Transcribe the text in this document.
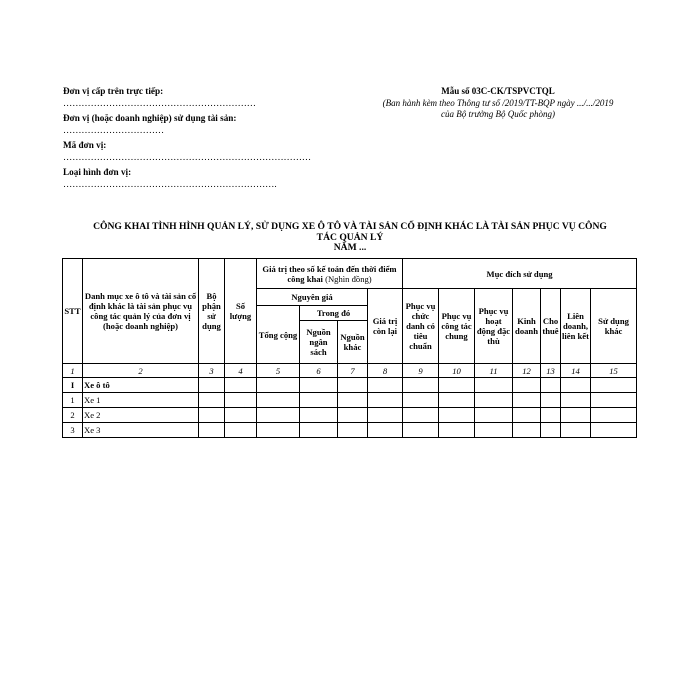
Đơn vị cấp trên trực tiếp:
………………………………………………………
Đơn vị (hoặc doanh nghiệp) sử dụng tài sản:
……………………………
Mã đơn vị:
………………………………………………………………………
Loại hình đơn vị:
…………………………………………………………….
Mẫu số 03C-CK/TSPVCTQL
(Ban hành kèm theo Thông tư số /2019/TT-BQP ngày .../.../2019
của Bộ trưởng Bộ Quốc phòng)
CÔNG KHAI TÌNH HÌNH QUẢN LÝ, SỬ DỤNG XE Ô TÔ VÀ TÀI SẢN CỐ ĐỊNH KHÁC LÀ TÀI SẢN PHỤC VỤ CÔNG
TÁC QUẢN LÝ
NĂM ...
STT	Danh mục xe ô tô và tài sản cố định khác là tài sản phục vụ công tác quản lý của đơn vị (hoặc doanh nghiệp)	Bộ phận sử dụng	Số lượng	Giá trị theo số kế toán đến thời điểm công khai (Nghìn đồng)				Mục đích sử dụng						
				Nguyên giá			Giá trị còn lại	Phục vụ chức danh có tiêu chuẩn	Phục vụ công tác chung	Phục vụ hoạt động đặc thù	Kinh doanh	Cho thuê	Liên doanh, liên kết	Sử dụng khác
				Tổng cộng	Trong đó									
					Nguồn ngân sách	Nguồn khác								
1	2	3	4	5	6	7	8	9	10	11	12	13	14	15
I	Xe ô tô													
1	Xe 1													
2	Xe 2													
3	Xe 3													
